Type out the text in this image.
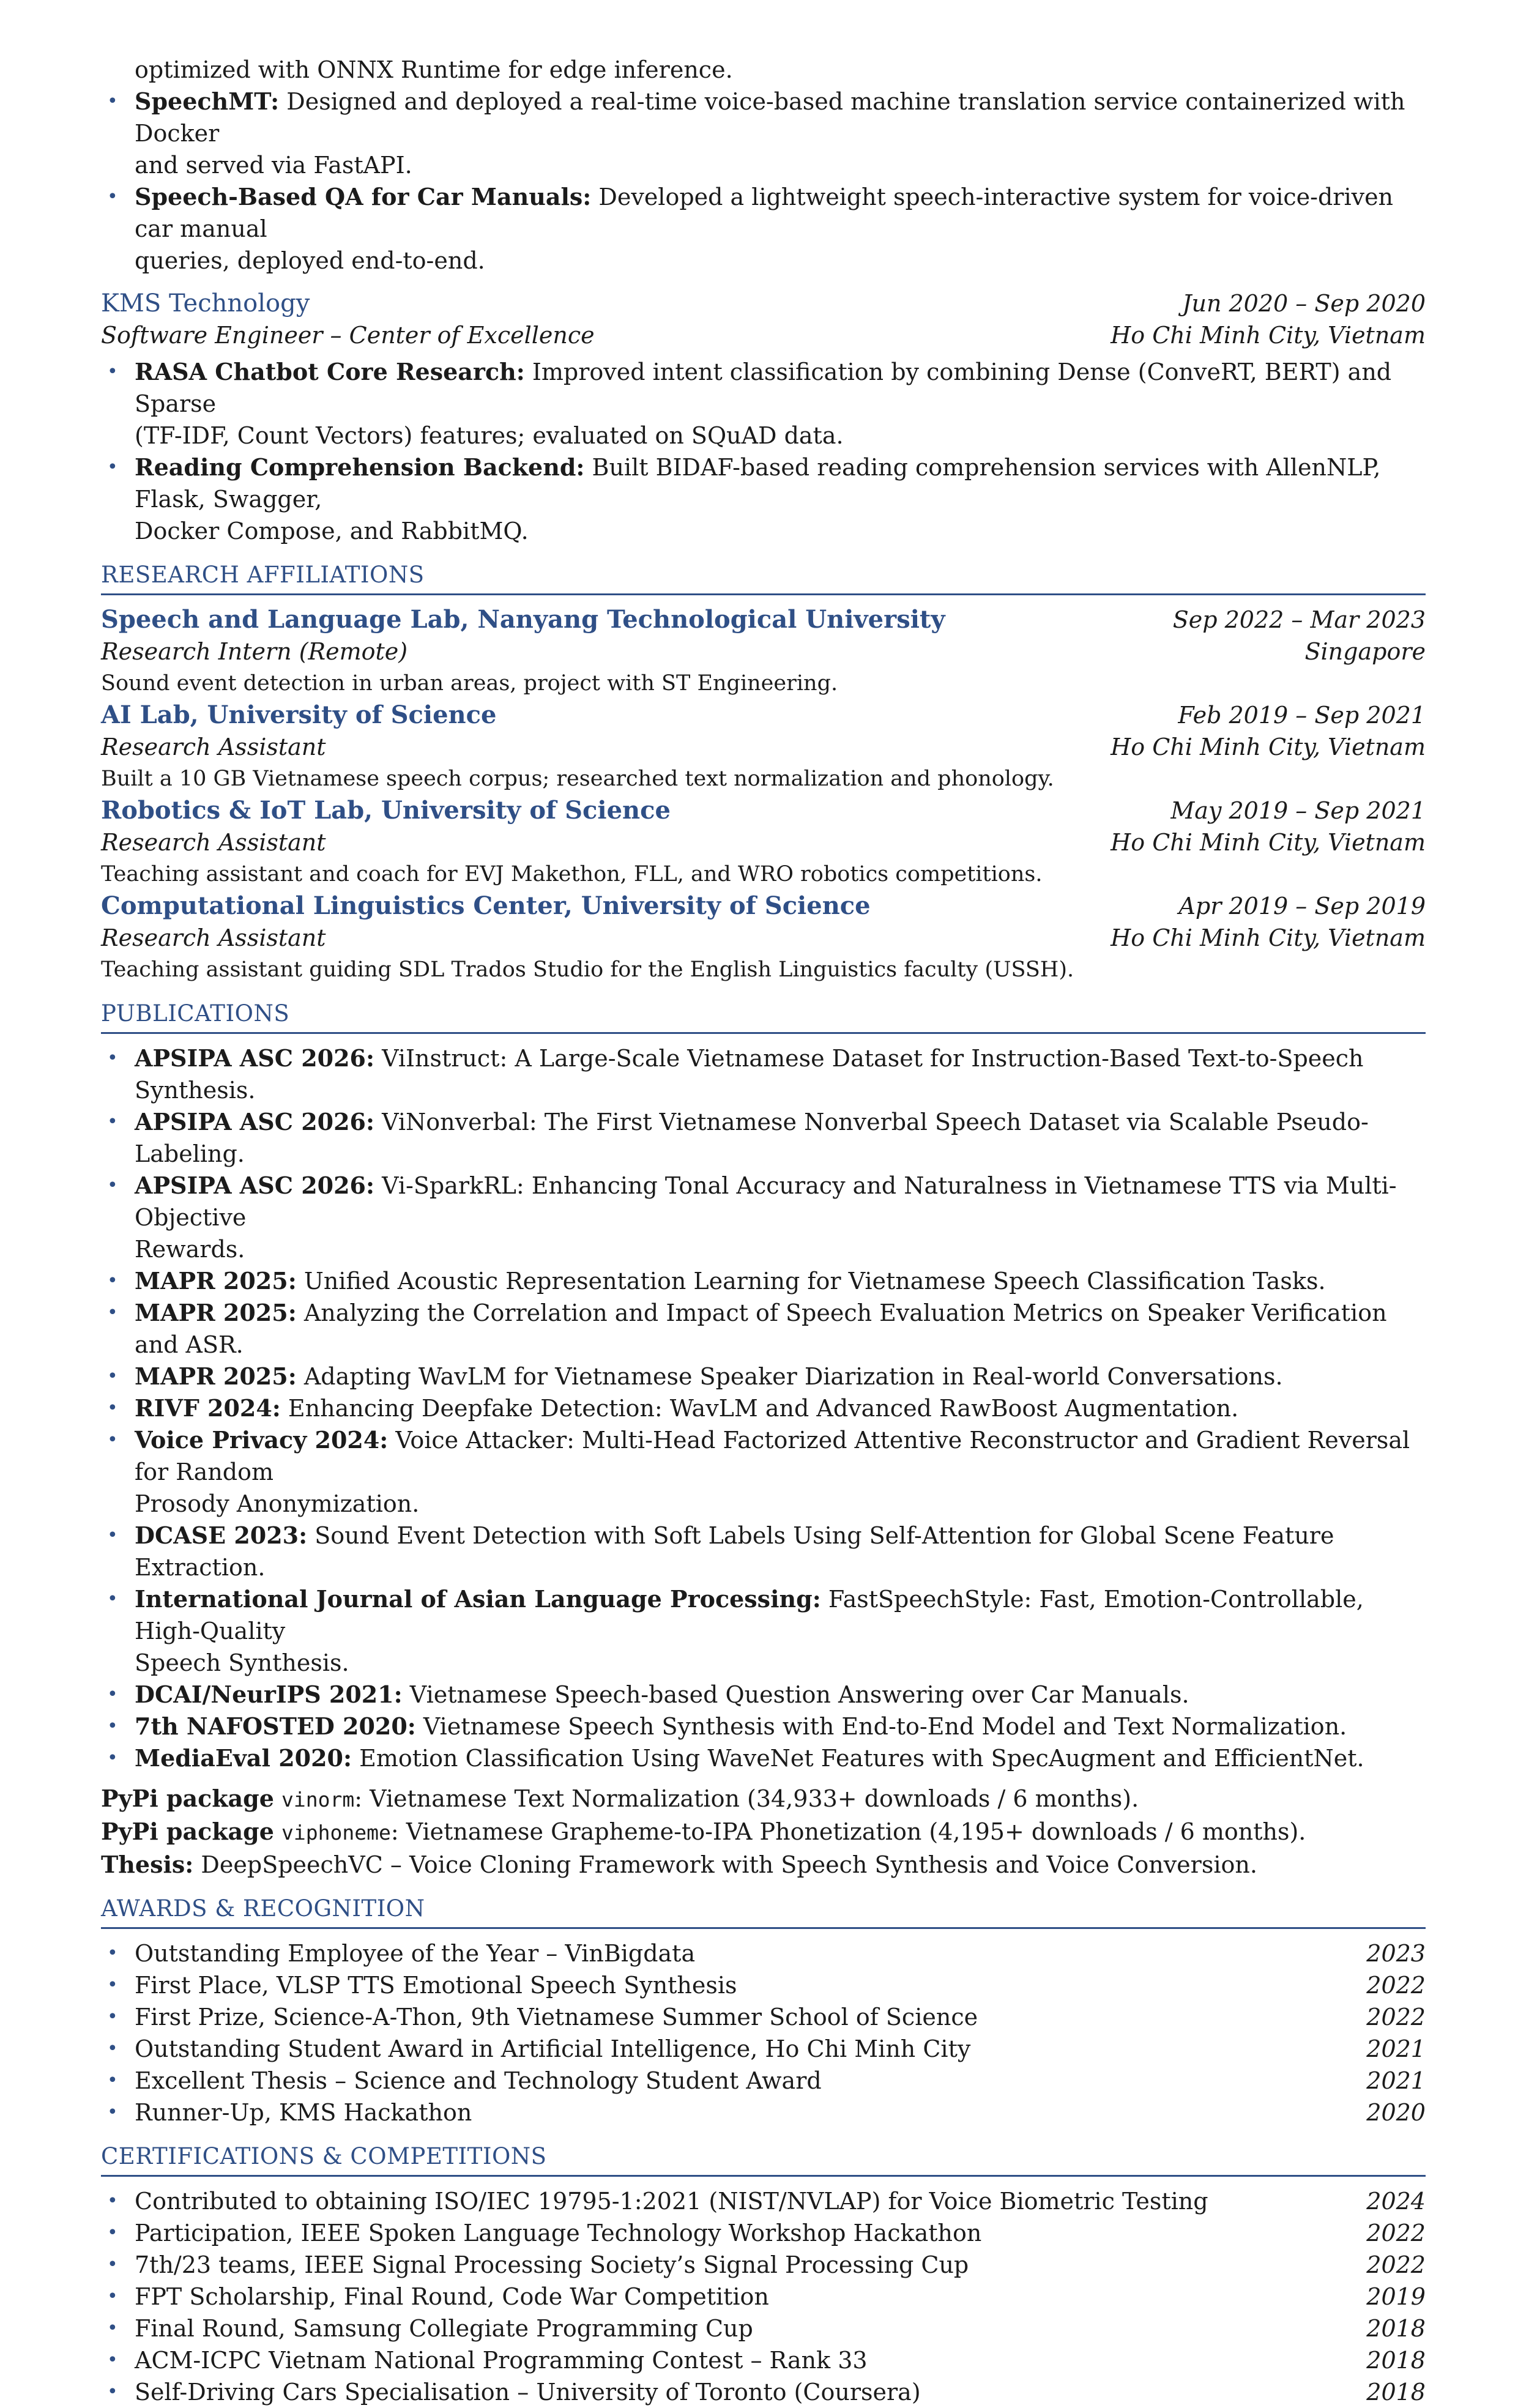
optimized with ONNX Runtime for edge inference.
• SpeechMT: Designed and deployed a real-time voice-based machine translation service containerized with Docker
and served via FastAPI.
• Speech-Based QA for Car Manuals: Developed a lightweight speech-interactive system for voice-driven car manual
queries, deployed end-to-end.
KMS Technology	Jun 2020 – Sep 2020
Software Engineer – Center of Excellence	Ho Chi Minh City, Vietnam
• RASA Chatbot Core Research: Improved intent classification by combining Dense (ConveRT, BERT) and Sparse
(TF-IDF, Count Vectors) features; evaluated on SQuAD data.
• Reading Comprehension Backend: Built BIDAF-based reading comprehension services with AllenNLP, Flask, Swagger,
Docker Compose, and RabbitMQ.
RESEARCH AFFILIATIONS
Speech and Language Lab, Nanyang Technological University	Sep 2022 – Mar 2023
Research Intern (Remote)	Singapore
Sound event detection in urban areas, project with ST Engineering.
AI Lab, University of Science	Feb 2019 – Sep 2021
Research Assistant	Ho Chi Minh City, Vietnam
Built a 10 GB Vietnamese speech corpus; researched text normalization and phonology.
Robotics & IoT Lab, University of Science	May 2019 – Sep 2021
Research Assistant	Ho Chi Minh City, Vietnam
Teaching assistant and coach for EVJ Makethon, FLL, and WRO robotics competitions.
Computational Linguistics Center, University of Science	Apr 2019 – Sep 2019
Research Assistant	Ho Chi Minh City, Vietnam
Teaching assistant guiding SDL Trados Studio for the English Linguistics faculty (USSH).
PUBLICATIONS
• APSIPA ASC 2026: ViInstruct: A Large-Scale Vietnamese Dataset for Instruction-Based Text-to-Speech Synthesis.
• APSIPA ASC 2026: ViNonverbal: The First Vietnamese Nonverbal Speech Dataset via Scalable Pseudo-Labeling.
• APSIPA ASC 2026: Vi-SparkRL: Enhancing Tonal Accuracy and Naturalness in Vietnamese TTS via Multi-Objective
Rewards.
• MAPR 2025: Unified Acoustic Representation Learning for Vietnamese Speech Classification Tasks.
• MAPR 2025: Analyzing the Correlation and Impact of Speech Evaluation Metrics on Speaker Verification and ASR.
• MAPR 2025: Adapting WavLM for Vietnamese Speaker Diarization in Real-world Conversations.
• RIVF 2024: Enhancing Deepfake Detection: WavLM and Advanced RawBoost Augmentation.
• Voice Privacy 2024: Voice Attacker: Multi-Head Factorized Attentive Reconstructor and Gradient Reversal for Random
Prosody Anonymization.
• DCASE 2023: Sound Event Detection with Soft Labels Using Self-Attention for Global Scene Feature Extraction.
• International Journal of Asian Language Processing: FastSpeechStyle: Fast, Emotion-Controllable, High-Quality
Speech Synthesis.
• DCAI/NeurIPS 2021: Vietnamese Speech-based Question Answering over Car Manuals.
• 7th NAFOSTED 2020: Vietnamese Speech Synthesis with End-to-End Model and Text Normalization.
• MediaEval 2020: Emotion Classification Using WaveNet Features with SpecAugment and EfficientNet.
PyPi package vinorm: Vietnamese Text Normalization (34,933+ downloads / 6 months).
PyPi package viphoneme: Vietnamese Grapheme-to-IPA Phonetization (4,195+ downloads / 6 months).
Thesis: DeepSpeechVC – Voice Cloning Framework with Speech Synthesis and Voice Conversion.
AWARDS & RECOGNITION
• Outstanding Employee of the Year – VinBigdata	2023
• First Place, VLSP TTS Emotional Speech Synthesis	2022
• First Prize, Science-A-Thon, 9th Vietnamese Summer School of Science	2022
• Outstanding Student Award in Artificial Intelligence, Ho Chi Minh City	2021
• Excellent Thesis – Science and Technology Student Award	2021
• Runner-Up, KMS Hackathon	2020
CERTIFICATIONS & COMPETITIONS
• Contributed to obtaining ISO/IEC 19795-1:2021 (NIST/NVLAP) for Voice Biometric Testing	2024
• Participation, IEEE Spoken Language Technology Workshop Hackathon	2022
• 7th/23 teams, IEEE Signal Processing Society’s Signal Processing Cup	2022
• FPT Scholarship, Final Round, Code War Competition	2019
• Final Round, Samsung Collegiate Programming Cup	2018
• ACM-ICPC Vietnam National Programming Contest – Rank 33	2018
• Self-Driving Cars Specialisation – University of Toronto (Coursera)	2018
